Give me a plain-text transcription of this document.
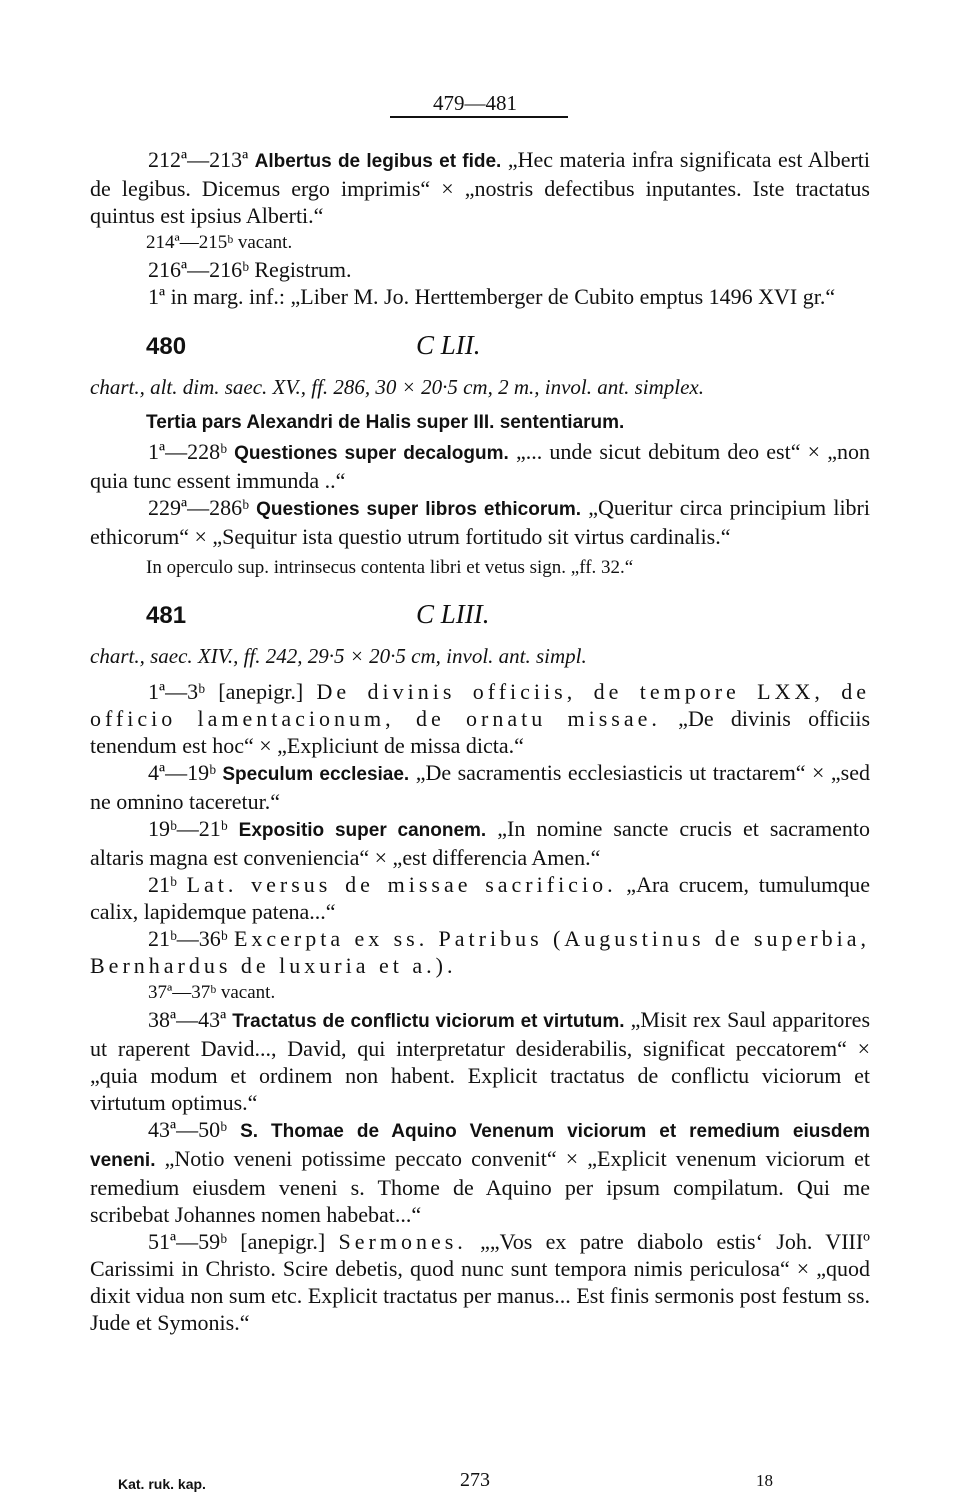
479—481

212ª—213ª Albertus de legibus et fide. „Hec materia infra significata est Alberti de legibus. Dicemus ergo imprimis“ × „nostris defectibus inputantes. Iste tractatus quintus est ipsius Alberti.“

214ª—215ᵇ vacant.

216ª—216ᵇ Registrum.

1ª in marg. inf.: „Liber M. Jo. Herttemberger de Cubito emptus 1496 XVI gr.“

480	C LII.

chart., alt. dim. saec. XV., ff. 286, 30 × 20·5 cm, 2 m., invol. ant. simplex.

Tertia pars Alexandri de Halis super III. sententiarum.

1ª—228ᵇ Questiones super decalogum. „... unde sicut debitum deo est“ × „non quia tunc essent immunda ..“

229ª—286ᵇ Questiones super libros ethicorum. „Queritur circa principium libri ethicorum“ × „Sequitur ista questio utrum fortitudo sit virtus cardinalis.“

In operculo sup. intrinsecus contenta libri et vetus sign. „ff. 32.“

481	C LIII.

chart., saec. XIV., ff. 242, 29·5 × 20·5 cm, invol. ant. simpl.

1ª—3ᵇ [anepigr.] De divinis officiis, de tempore LXX, de officio lamentacionum, de ornatu missae. „De divinis officiis tenendum est hoc“ × „Expliciunt de missa dicta.“

4ª—19ᵇ Speculum ecclesiae. „De sacramentis ecclesiasticis ut tractarem“ × „sed ne omnino taceretur.“

19ᵇ—21ᵇ Expositio super canonem. „In nomine sancte crucis et sacramento altaris magna est conveniencia“ × „est differencia Amen.“

21ᵇ Lat. versus de missae sacrificio. „Ara crucem, tumulumque calix, lapidemque patena...“

21ᵇ—36ᵇ Excerpta ex ss. Patribus (Augustinus de superbia, Bernhardus de luxuria et a.).

37ª—37ᵇ vacant.

38ª—43ª Tractatus de conflictu viciorum et virtutum. „Misit rex Saul apparitores ut raperent David..., David, qui interpretatur desiderabilis, significat peccatorem“ × „quia modum et ordinem non habent. Explicit tractatus de conflictu viciorum et virtutum optimus.“

43ª—50ᵇ S. Thomae de Aquino Venenum viciorum et remedium eiusdem veneni. „Notio veneni potissime peccato convenit“ × „Explicit venenum viciorum et remedium eiusdem veneni s. Thome de Aquino per ipsum compilatum. Qui me scribebat Johannes nomen habebat...“

51ª—59ᵇ [anepigr.] Sermones. „„Vos ex patre diabolo estis‘ Joh. VIIIº Carissimi in Christo. Scire debetis, quod nunc sunt tempora nimis periculosa“ × „quod dixit vidua non sum etc. Explicit tractatus per manus... Est finis sermonis post festum ss. Jude et Symonis.“

Kat. ruk. kap.	273	18
